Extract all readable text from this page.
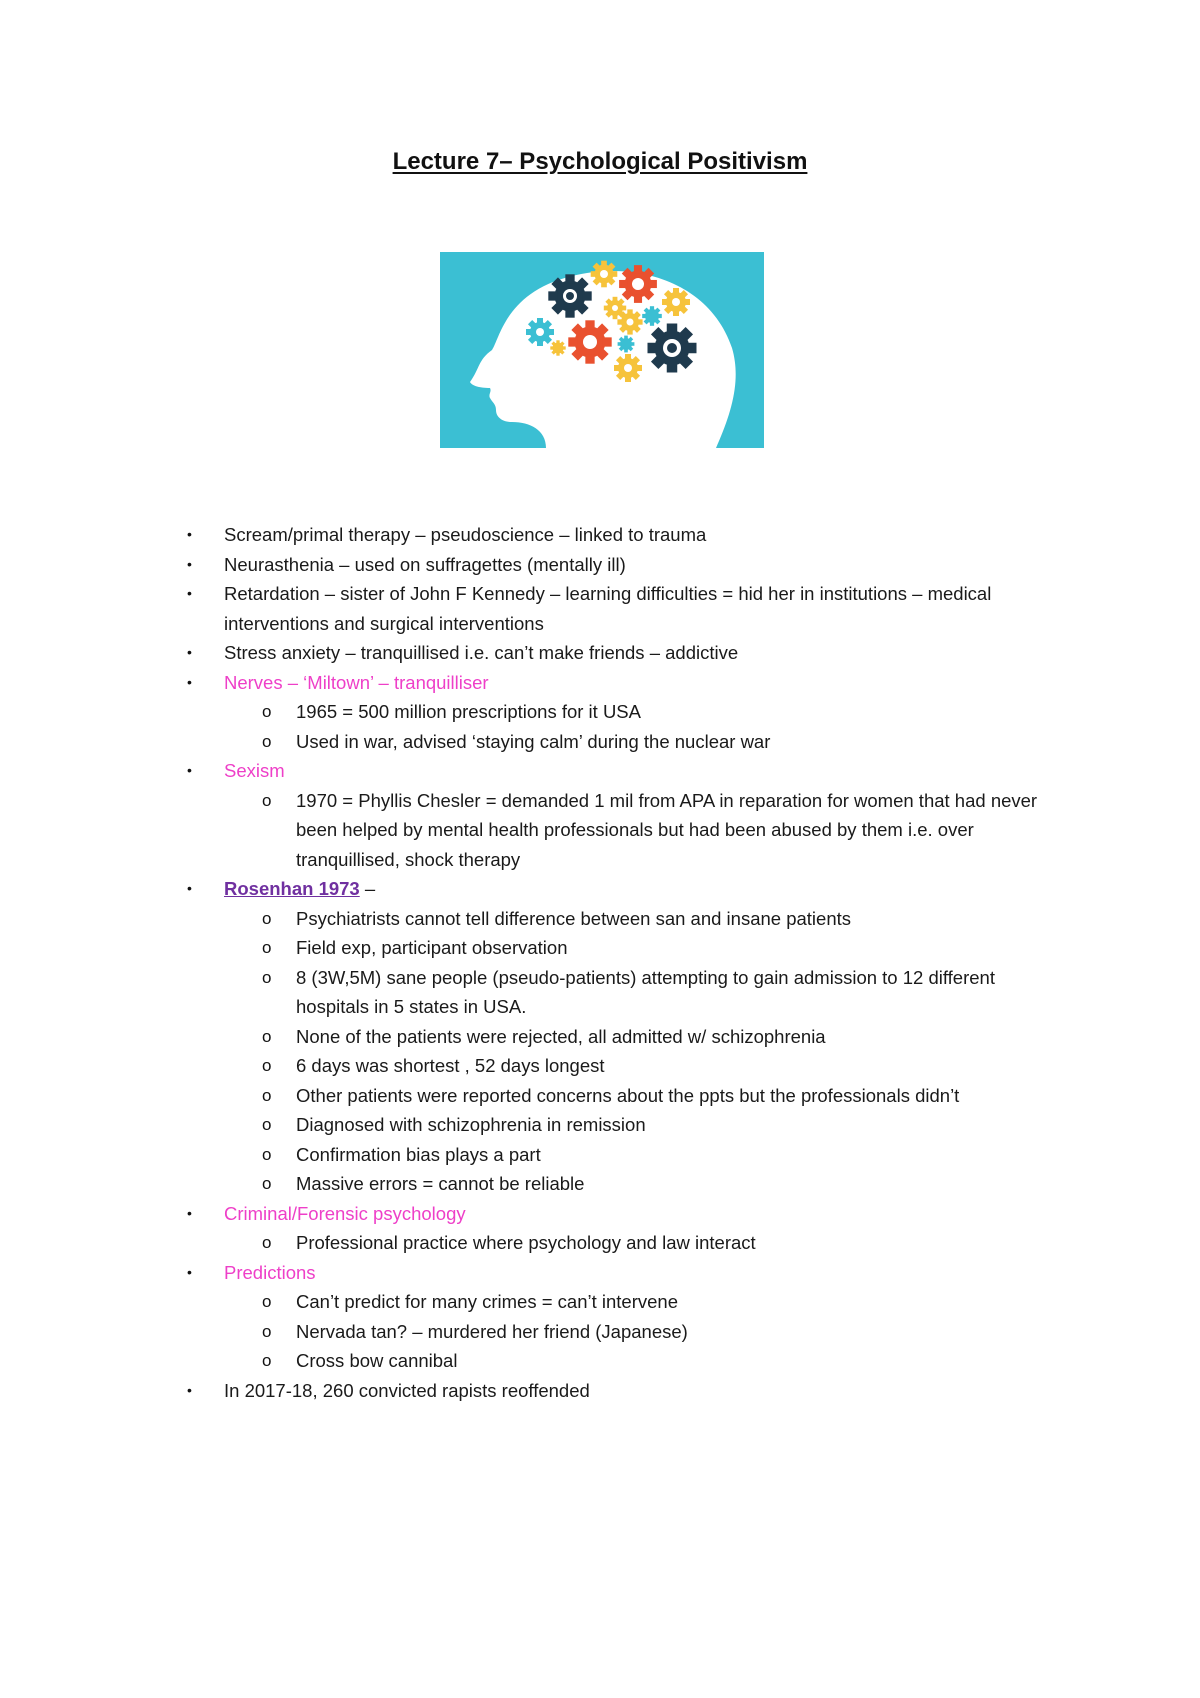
Lecture 7– Psychological Positivism
• Scream/primal therapy – pseudoscience – linked to trauma
• Neurasthenia – used on suffragettes (mentally ill)
• Retardation – sister of John F Kennedy – learning difficulties = hid her in institutions – medical interventions and surgical interventions
• Stress anxiety – tranquillised i.e. can’t make friends – addictive
• Nerves – ‘Miltown’ – tranquilliser
o 1965 = 500 million prescriptions for it USA
o Used in war, advised ‘staying calm’ during the nuclear war
• Sexism
o 1970 = Phyllis Chesler = demanded 1 mil from APA in reparation for women that had never been helped by mental health professionals but had been abused by them i.e. over tranquillised, shock therapy
• Rosenhan 1973 –
o Psychiatrists cannot tell difference between san and insane patients
o Field exp, participant observation
o 8 (3W,5M) sane people (pseudo-patients) attempting to gain admission to 12 different hospitals in 5 states in USA.
o None of the patients were rejected, all admitted w/ schizophrenia
o 6 days was shortest , 52 days longest
o Other patients were reported concerns about the ppts but the professionals didn’t
o Diagnosed with schizophrenia in remission
o Confirmation bias plays a part
o Massive errors = cannot be reliable
• Criminal/Forensic psychology
o Professional practice where psychology and law interact
• Predictions
o Can’t predict for many crimes = can’t intervene
o Nervada tan? – murdered her friend (Japanese)
o Cross bow cannibal
• In 2017-18, 260 convicted rapists reoffended
